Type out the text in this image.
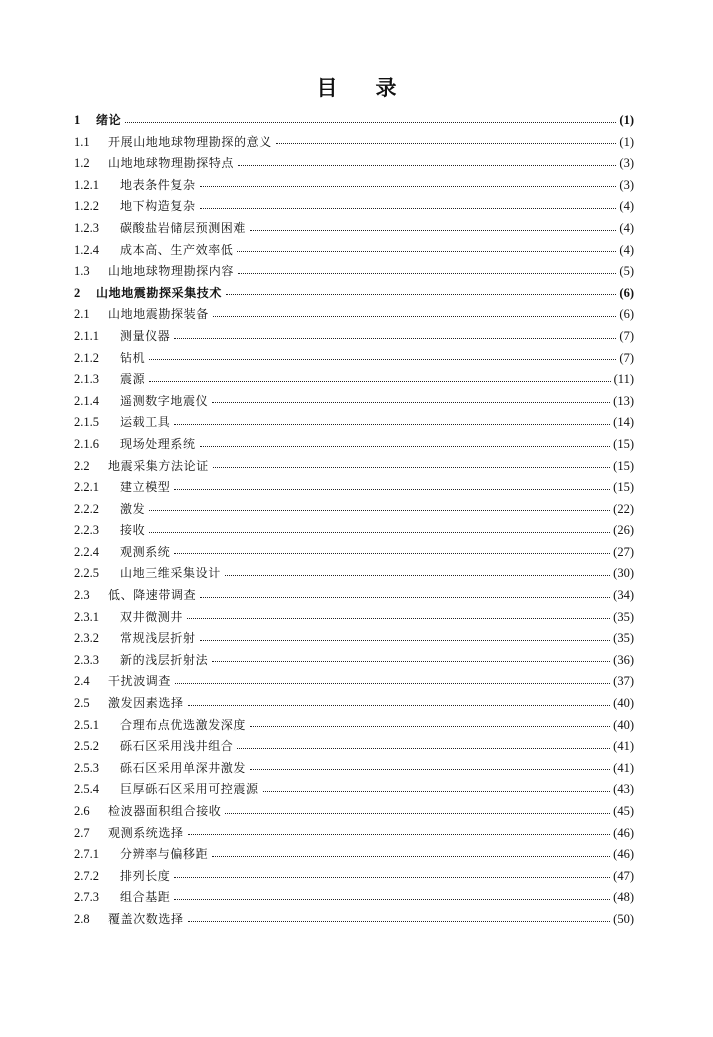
目录
1	绪论	(1)
1.1	开展山地地球物理勘探的意义	(1)
1.2	山地地球物理勘探特点	(3)
1.2.1	地表条件复杂	(3)
1.2.2	地下构造复杂	(4)
1.2.3	碳酸盐岩储层预测困难	(4)
1.2.4	成本高、生产效率低	(4)
1.3	山地地球物理勘探内容	(5)
2	山地地震勘探采集技术	(6)
2.1	山地地震勘探装备	(6)
2.1.1	测量仪器	(7)
2.1.2	钻机	(7)
2.1.3	震源	(11)
2.1.4	遥测数字地震仪	(13)
2.1.5	运载工具	(14)
2.1.6	现场处理系统	(15)
2.2	地震采集方法论证	(15)
2.2.1	建立模型	(15)
2.2.2	激发	(22)
2.2.3	接收	(26)
2.2.4	观测系统	(27)
2.2.5	山地三维采集设计	(30)
2.3	低、降速带调查	(34)
2.3.1	双井微测井	(35)
2.3.2	常规浅层折射	(35)
2.3.3	新的浅层折射法	(36)
2.4	干扰波调查	(37)
2.5	激发因素选择	(40)
2.5.1	合理布点优选激发深度	(40)
2.5.2	砾石区采用浅井组合	(41)
2.5.3	砾石区采用单深井激发	(41)
2.5.4	巨厚砾石区采用可控震源	(43)
2.6	检波器面积组合接收	(45)
2.7	观测系统选择	(46)
2.7.1	分辨率与偏移距	(46)
2.7.2	排列长度	(47)
2.7.3	组合基距	(48)
2.8	覆盖次数选择	(50)
